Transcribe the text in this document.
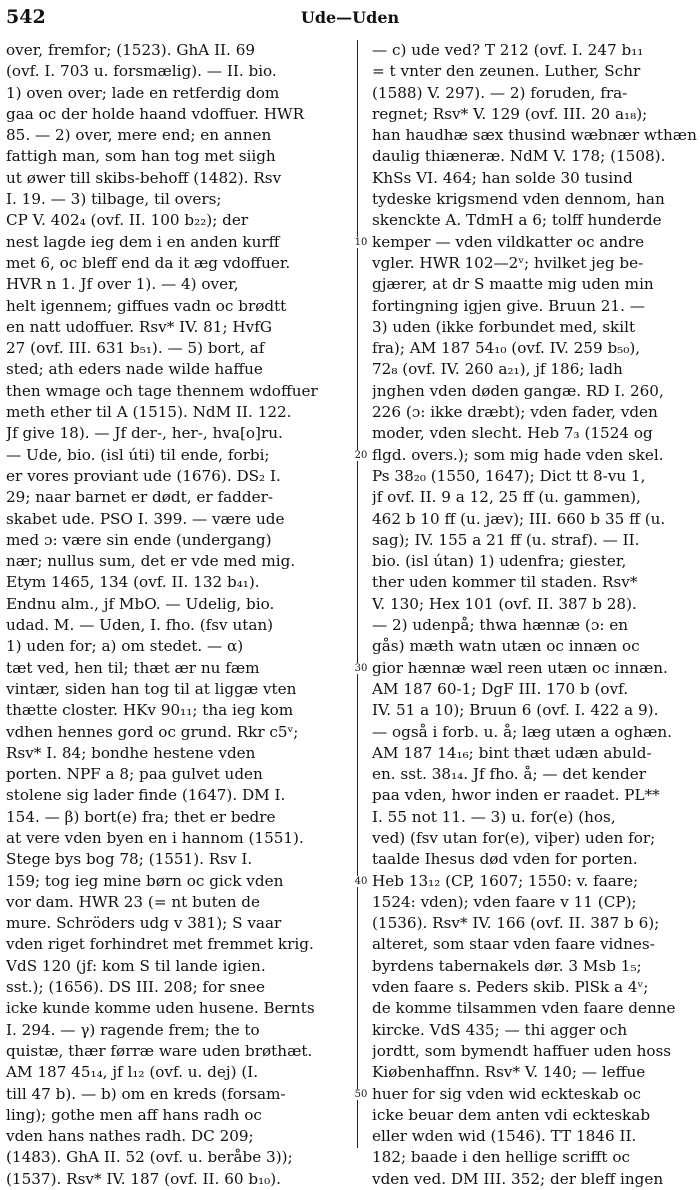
542	Ude—Uden
over, fremfor; (1523). GhA II. 69
(ovf. I. 703 u. forsmælig). — II. bio.
1) oven over; lade en retferdig dom
gaa oc der holde haand vdoffuer. HWR
85. — 2) over, mere end; en annen
fattigh man, som han tog met siigh
ut øwer till skibs-behoff (1482). Rsv
I. 19. — 3) tilbage, til overs;
CP V. 402₄ (ovf. II. 100 b₂₂); der
nest lagde ieg dem i en anden kurff
met 6, oc bleff end da it æg vdoffuer.
HVR n 1. Jf over 1). — 4) over,
helt igennem; giffues vadn oc brødtt
en natt udoffuer. Rsv* IV. 81; HvfG
27 (ovf. III. 631 b₅₁). — 5) bort, af
sted; ath eders nade wilde haffue
then wmage och tage thennem wdoffuer
meth ether til A (1515). NdM II. 122.
Jf give 18). — Jf der-, her-, hva[o]ru.
— Ude, bio. (isl úti) til ende, forbi;
er vores proviant ude (1676). DS₂ I.
29; naar barnet er dødt, er fadder-
skabet ude. PSO I. 399. — være ude
med ɔ: være sin ende (undergang)
nær; nullus sum, det er vde med mig.
Etym 1465, 134 (ovf. II. 132 b₄₁).
Endnu alm., jf MbO. — Udelig, bio.
udad. M. — Uden, I. fho. (fsv utan)
1) uden for; a) om stedet. — α)
tæt ved, hen til; thæt ær nu fæm
vintær, siden han tog til at liggæ vten
thætte closter. HKv 90₁₁; tha ieg kom
vdhen hennes gord oc grund. Rkr c5ᵛ;
Rsv* I. 84; bondhe hestene vden
porten. NPF a 8; paa gulvet uden
stolene sig lader finde (1647). DM I.
154. — β) bort(e) fra; thet er bedre
at vere vden byen en i hannom (1551).
Stege bys bog 78; (1551). Rsv I.
159; tog ieg mine børn oc gick vden
vor dam. HWR 23 (= nt buten de
mure. Schröders udg v 381); S vaar
vden riget forhindret met fremmet krig.
VdS 120 (jf: kom S til lande igien.
sst.); (1656). DS III. 208; for snee
icke kunde komme uden husene. Bernts
I. 294. — γ) ragende frem; the to
quistæ, thær førræ ware uden brøthæt.
AM 187 45₁₄, jf l₁₂ (ovf. u. dej) (I.
till 47 b). — b) om en kreds (forsam-
ling); gothe men aff hans radh oc
vden hans nathes radh. DC 209;
(1483). GhA II. 52 (ovf. u. beråbe 3));
(1537). Rsv* IV. 187 (ovf. II. 60 b₁₀).
— c) ude ved? T 212 (ovf. I. 247 b₁₁
= t vnter den zeunen. Luther, Schr
(1588) V. 297). — 2) foruden, fra-
regnet; Rsv* V. 129 (ovf. III. 20 a₁₈);
han haudhæ sæx thusind wæbnær wthæn
daulig thiæneræ. NdM V. 178; (1508).
KhSs VI. 464; han solde 30 tusind
tydeske krigsmend vden dennom, han
skenckte A. TdmH a 6; tolff hunderde
kemper — vden vildkatter oc andre
vgler. HWR 102—2ᵛ; hvilket jeg be-
gjærer, at dr S maatte mig uden min
fortingning igjen give. Bruun 21. —
3) uden (ikke forbundet med, skilt
fra); AM 187 54₁₀ (ovf. IV. 259 b₅₀),
72₈ (ovf. IV. 260 a₂₁), jf 186; ladh
jnghen vden døden gangæ. RD I. 260,
226 (ɔ: ikke dræbt); vden fader, vden
moder, vden slecht. Heb 7₃ (1524 og
flgd. overs.); som mig hade vden skel.
Ps 38₂₀ (1550, 1647); Dict tt 8-vu 1,
jf ovf. II. 9 a 12, 25 ff (u. gammen),
462 b 10 ff (u. jæv); III. 660 b 35 ff (u.
sag); IV. 155 a 21 ff (u. straf). — II.
bio. (isl útan) 1) udenfra; giester,
ther uden kommer til staden. Rsv*
V. 130; Hex 101 (ovf. II. 387 b 28).
— 2) udenpå; thwa hænnæ (ɔ: en
gås) mæth watn utæn oc innæn oc
gior hænnæ wæl reen utæn oc innæn.
AM 187 60-1; DgF III. 170 b (ovf.
IV. 51 a 10); Bruun 6 (ovf. I. 422 a 9).
— også i forb. u. å; læg utæn a oghæn.
AM 187 14₁₆; bint thæt udæn abuld-
en. sst. 38₁₄. Jf fho. å; — det kender
paa vden, hwor inden er raadet. PL**
I. 55 not 11. — 3) u. for(e) (hos,
ved) (fsv utan for(e), viþer) uden for;
taalde Ihesus død vden for porten.
Heb 13₁₂ (CP, 1607; 1550: v. faare;
1524: vden); vden faare v 11 (CP);
(1536). Rsv* IV. 166 (ovf. II. 387 b 6);
alteret, som staar vden faare vidnes-
byrdens tabernakels dør. 3 Msb 1₅;
vden faare s. Peders skib. PlSk a 4ᵛ;
de komme tilsammen vden faare denne
kircke. VdS 435; — thi agger och
jordtt, som bymendt haffuer uden hoss
Kiøbenhaffnn. Rsv* V. 140; — leffue
huer for sig vden wid eckteskab oc
icke beuar dem anten vdi eckteskab
eller wden wid (1546). TT 1846 II.
182; baade i den hellige scrifft oc
vden ved. DM III. 352; der bleff ingen
10
20
30
40
50
